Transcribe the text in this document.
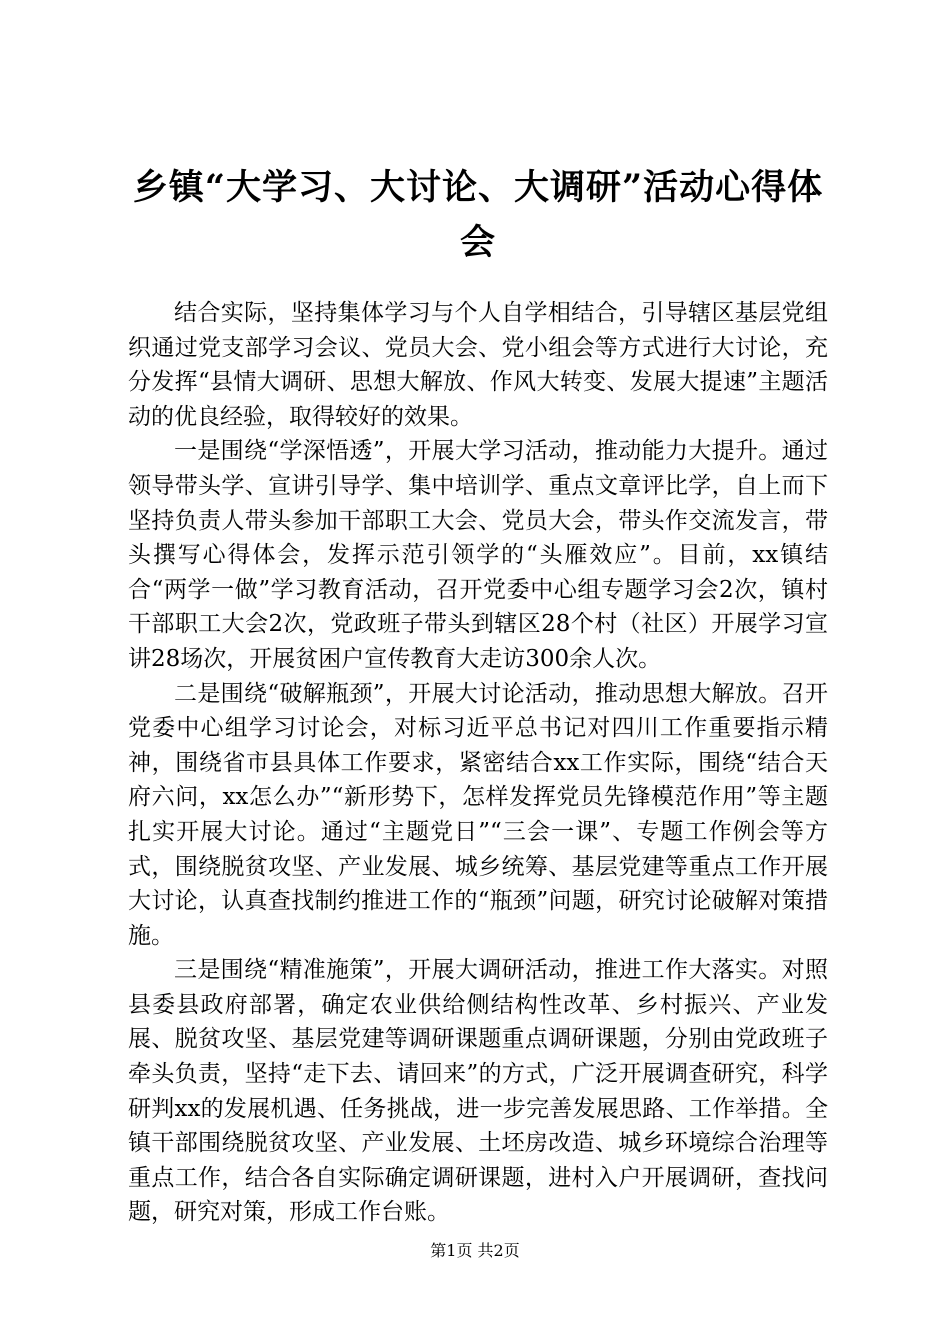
乡镇“大学习、大讨论、大调研”活动心得体会

结合实际，坚持集体学习与个人自学相结合，引导辖区基层党组织通过党支部学习会议、党员大会、党小组会等方式进行大讨论，充分发挥“县情大调研、思想大解放、作风大转变、发展大提速”主题活动的优良经验，取得较好的效果。

一是围绕“学深悟透”，开展大学习活动，推动能力大提升。通过领导带头学、宣讲引导学、集中培训学、重点文章评比学，自上而下坚持负责人带头参加干部职工大会、党员大会，带头作交流发言，带头撰写心得体会，发挥示范引领学的“头雁效应”。目前，xx镇结合“两学一做”学习教育活动，召开党委中心组专题学习会2次，镇村干部职工大会2次，党政班子带头到辖区28个村（社区）开展学习宣讲28场次，开展贫困户宣传教育大走访300余人次。

二是围绕“破解瓶颈”，开展大讨论活动，推动思想大解放。召开党委中心组学习讨论会，对标习近平总书记对四川工作重要指示精神，围绕省市县具体工作要求，紧密结合xx工作实际，围绕“结合天府六问，xx怎么办”“新形势下，怎样发挥党员先锋模范作用”等主题扎实开展大讨论。通过“主题党日”“三会一课”、专题工作例会等方式，围绕脱贫攻坚、产业发展、城乡统筹、基层党建等重点工作开展大讨论，认真查找制约推进工作的“瓶颈”问题，研究讨论破解对策措施。

三是围绕“精准施策”，开展大调研活动，推进工作大落实。对照县委县政府部署，确定农业供给侧结构性改革、乡村振兴、产业发展、脱贫攻坚、基层党建等调研课题重点调研课题，分别由党政班子牵头负责，坚持“走下去、请回来”的方式，广泛开展调查研究，科学研判xx的发展机遇、任务挑战，进一步完善发展思路、工作举措。全镇干部围绕脱贫攻坚、产业发展、土坯房改造、城乡环境综合治理等重点工作，结合各自实际确定调研课题，进村入户开展调研，查找问题，研究对策，形成工作台账。

第1页 共2页
